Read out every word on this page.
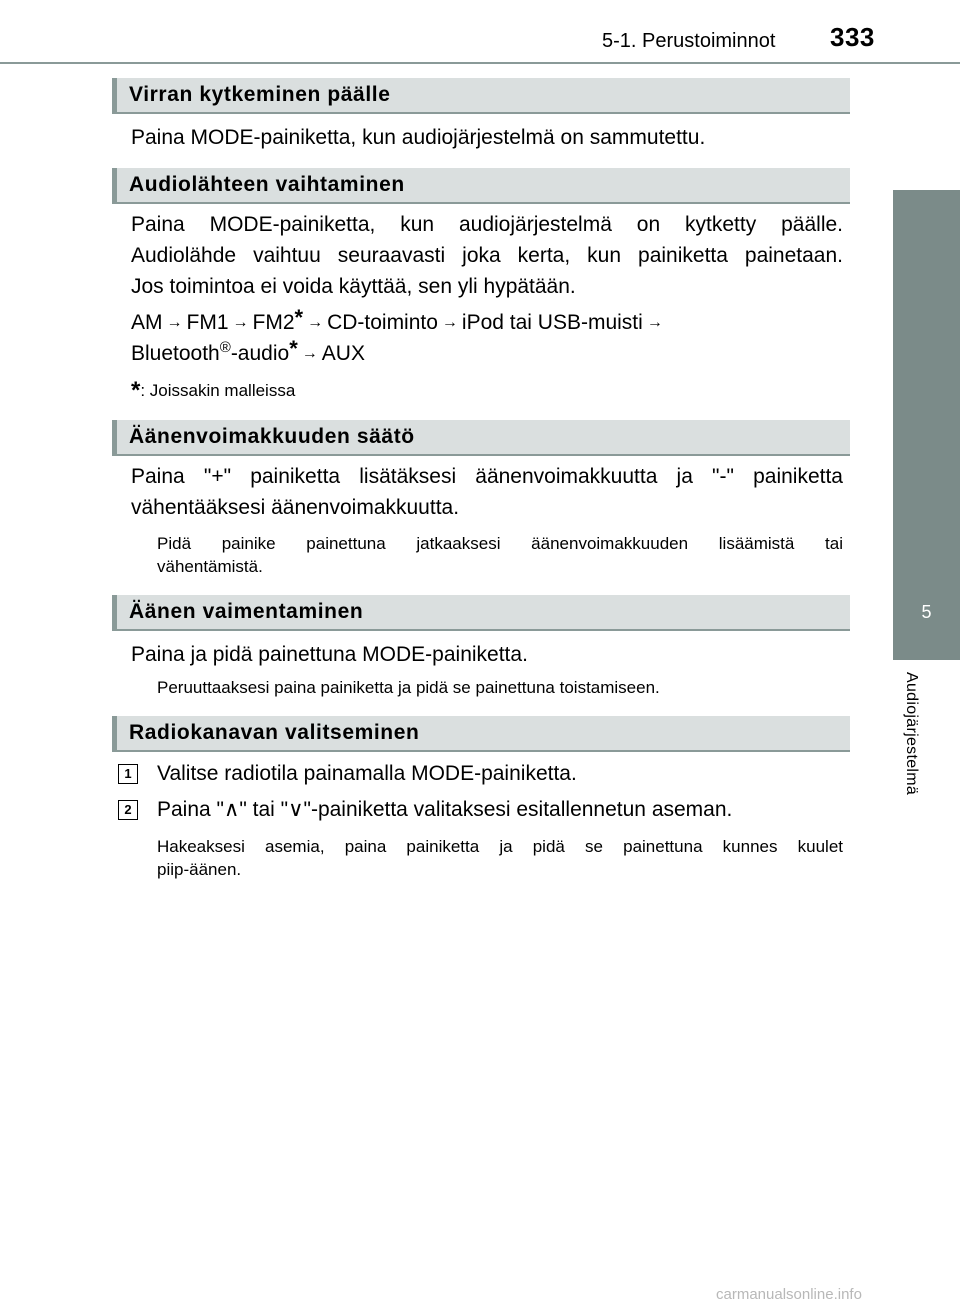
5-1. Perustoiminnot 333
5
Audiojärjestelmä
Virran kytkeminen päälle
Paina MODE-painiketta, kun audiojärjestelmä on sammutettu.
Audiolähteen vaihtaminen
Paina MODE-painiketta, kun audiojärjestelmä on kytketty päälle.
Audiolähde vaihtuu seuraavasti joka kerta, kun painiketta painetaan.
Jos toimintoa ei voida käyttää, sen yli hypätään.
AM → FM1 → FM2* → CD-toiminto → iPod tai USB-muisti →
Bluetooth®-audio* → AUX
*: Joissakin malleissa
Äänenvoimakkuuden säätö
Paina "+" painiketta lisätäksesi äänenvoimakkuutta ja "-" painiketta
vähentääksesi äänenvoimakkuutta.
Pidä painike painettuna jatkaaksesi äänenvoimakkuuden lisäämistä tai
vähentämistä.
Äänen vaimentaminen
Paina ja pidä painettuna MODE-painiketta.
Peruuttaaksesi paina painiketta ja pidä se painettuna toistamiseen.
Radiokanavan valitseminen
1	Valitse radiotila painamalla MODE-painiketta.
2	Paina "∧" tai "∨"-painiketta valitaksesi esitallennetun aseman.
Hakeaksesi asemia, paina painiketta ja pidä se painettuna kunnes kuulet
piip-äänen.
carmanualsonline.info
